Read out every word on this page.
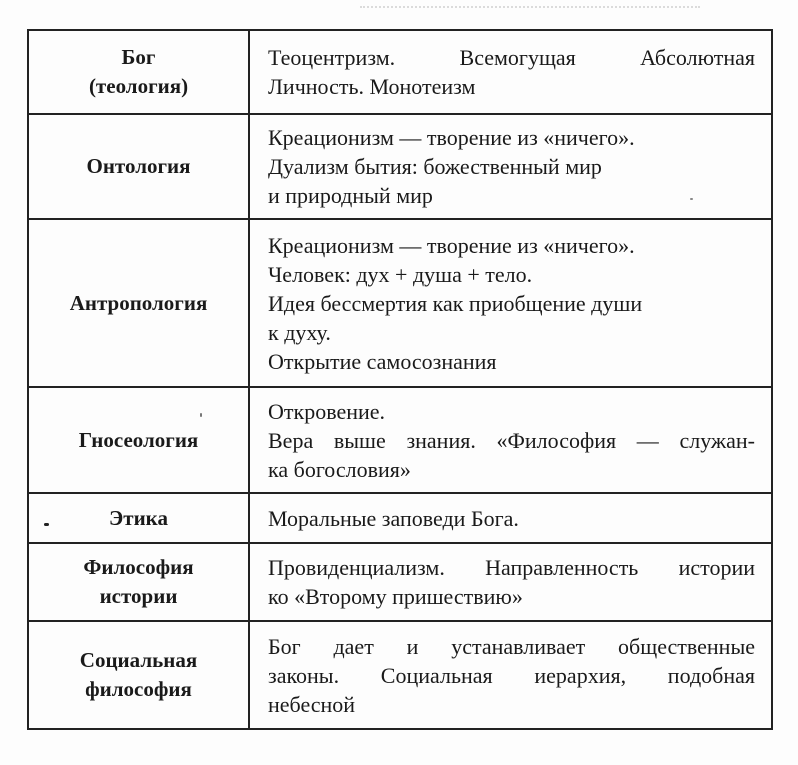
Бог
(теология)	Теоцентризм. Всемогущая Абсолютная
Личность. Монотеизм

Онтология	Креационизм — творение из «ничего».
Дуализм бытия: божественный мир
и природный мир

Антропология	Креационизм — творение из «ничего».
Человек: дух + душа + тело.
Идея бессмертия как приобщение души
к духу.
Открытие самосознания

Гносеология	Откровение.
Вера выше знания. «Философия — служан-
ка богословия»

Этика	Моральные заповеди Бога.

Философия
истории	Провиденциализм. Направленность истории
ко «Второму пришествию»

Социальная
философия	Бог дает и устанавливает общественные
законы. Социальная иерархия, подобная
небесной
